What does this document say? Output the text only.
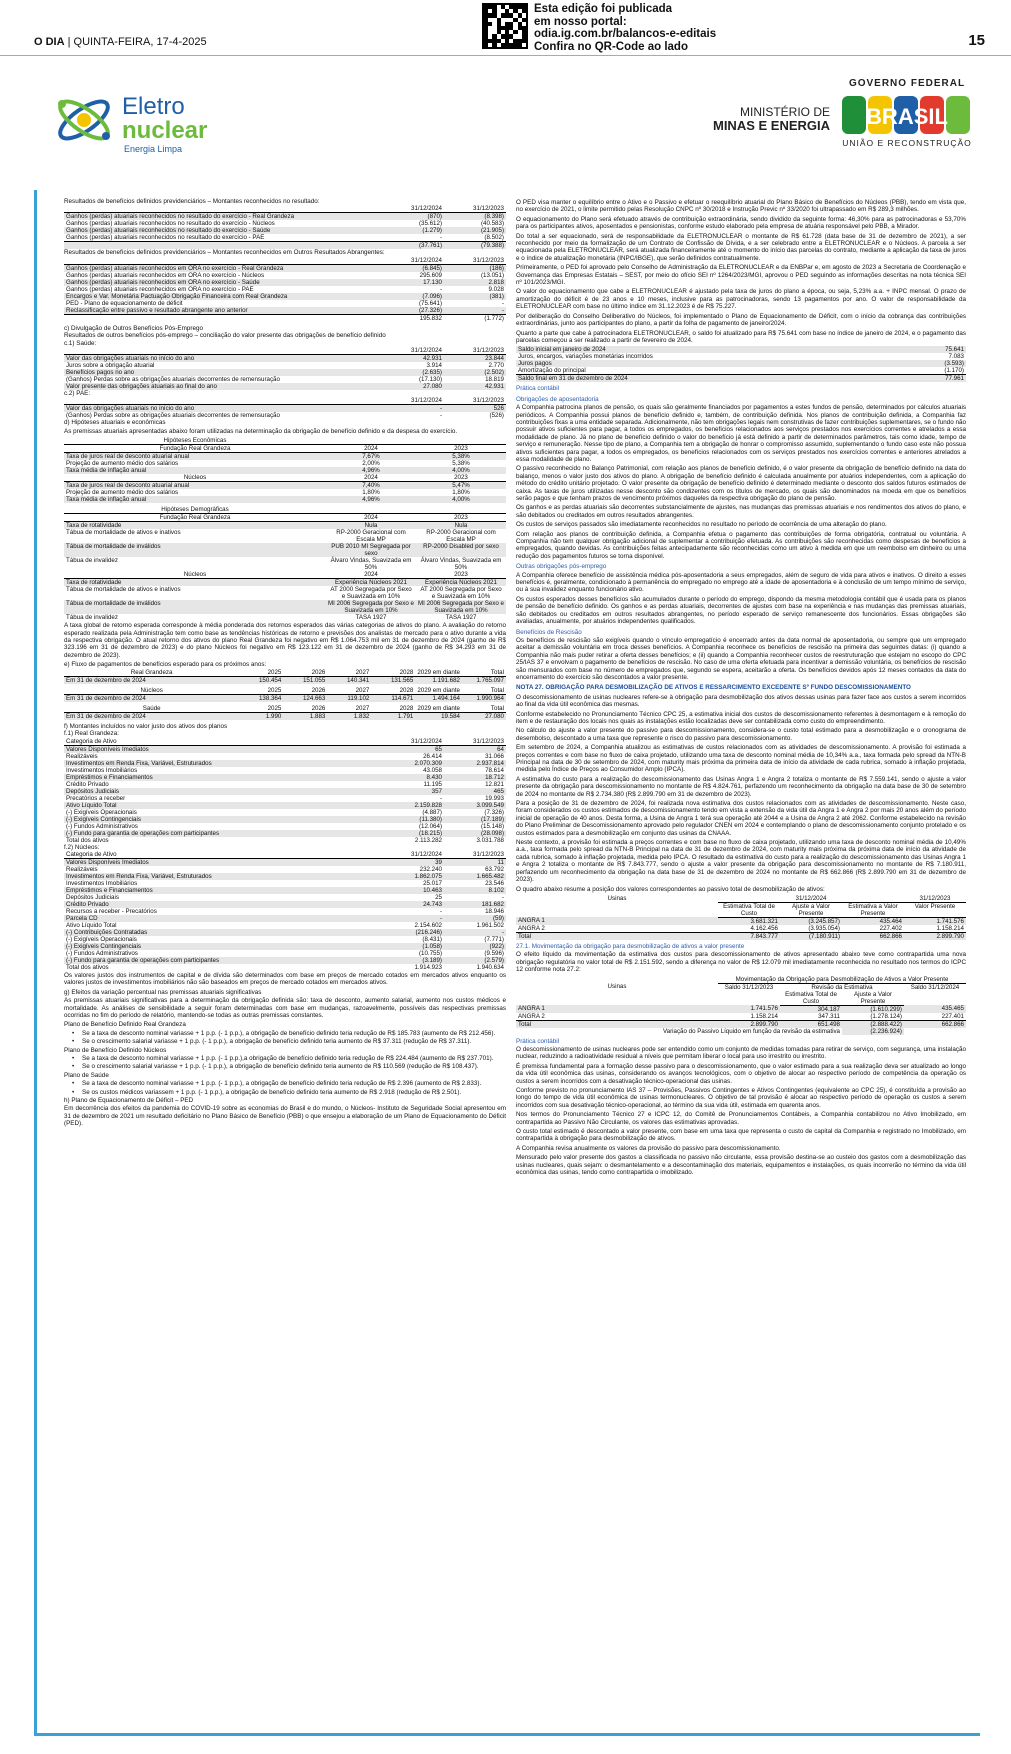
Esta edição foi publicada
em nosso portal:
odia.ig.com.br/balancos-e-editais
Confira no QR-Code ao lado
O DIA | QUINTA-FEIRA, 17-4-2025	15
Eletro
nuclear
Energia Limpa
MINISTÉRIO DE
MINAS E ENERGIA
GOVERNO FEDERAL
BRASIL
UNIÃO E RECONSTRUÇÃO
Resultados de benefícios definidos previdenciários – Montantes reconhecidos no resultado:
	31/12/2024	31/12/2023
Ganhos (perdas) atuariais reconhecidos no resultado do exercício - Real Grandeza	(870)	(8.398)
Ganhos (perdas) atuariais reconhecidos no resultado do exercício - Núcleos	(35.612)	(40.583)
Ganhos (perdas) atuariais reconhecidos no resultado do exercício - Saúde	(1.279)	(21.905)
Ganhos (perdas) atuariais reconhecidos no resultado do exercício - PAE	-	(8.502)
	(37.761)	(79.388)
Resultados de benefícios definidos previdenciários – Montantes reconhecidos em Outros Resultados Abrangentes:
	31/12/2024	31/12/2023
Ganhos (perdas) atuariais reconhecidos em ORA no exercício - Real Grandeza	(6.845)	(186)
Ganhos (perdas) atuariais reconhecidos em ORA no exercício - Núcleos	295.609	(13.051)
Ganhos (perdas) atuariais reconhecidos em ORA no exercício - Saúde	17.130	2.818
Ganhos (perdas) atuariais reconhecidos em ORA no exercício - PAE	-	9.028
Encargos e Var. Monetária Pactuação Obrigação Financeira com Real Grandeza	(7.096)	(381)
PED - Plano de equacionamento de déficit	(75.641)	-
Reclassificação entre passivo e resultado abrangente ano anterior	(27.326)	-
	195.832	(1.772)
c) Divulgação de Outros Benefícios Pós-Emprego
Resultados de outros benefícios pós-emprego – conciliação do valor presente das obrigações de benefício definido
c.1) Saúde:
	31/12/2024	31/12/2023
Valor das obrigações atuariais no início do ano	42.931	23.844
Juros sobre a obrigação atuarial	3.914	2.770
Benefícios pagos no ano	(2.635)	(2.502)
(Ganhos) Perdas sobre as obrigações atuariais decorrentes de remensuração	(17.130)	18.819
Valor presente das obrigações atuariais ao final do ano	27.080	42.931
c.2) PAE:
	31/12/2024	31/12/2023
Valor das obrigações atuariais no início do ano	-	526
(Ganhos) Perdas sobre as obrigações atuariais decorrentes de remensuração	-	(526)
d) Hipóteses atuariais e econômicas

As premissas atuariais apresentadas abaixo foram utilizadas na determinação da obrigação de benefício definido e da despesa do exercício.

Hipóteses Econômicas		
Fundação Real Grandeza	2024	2023
Taxa de juros real de desconto atuarial anual	7,67%	5,38%
Projeção de aumento médio dos salários	2,00%	5,38%
Taxa média de inflação anual	4,96%	4,00%
Núcleos	2024	2023
Taxa de juros real de desconto atuarial anual	7,40%	5,47%
Projeção de aumento médio dos salários	1,80%	1,80%
Taxa média de inflação anual	4,96%	4,00%
Hipóteses Demográficas		
Fundação Real Grandeza	2024	2023
Taxa de rotatividade	Nula	Nula
Tábua de mortalidade de ativos e inativos	RP-2000 Geracional com Escala MP	RP-2000 Geracional com Escala MP
Tábua de mortalidade de inválidos	PUB 2010 MI Segregada por sexo	RP-2000 Disabled por sexo
Tábua de invalidez	Álvaro Vindas, Suavizada em 50%	Álvaro Vindas, Suavizada em 50%
Núcleos	2024	2023
Taxa de rotatividade	Experiência Núcleos 2021	Experiência Núcleos 2021
Tábua de mortalidade de ativos e inativos	AT 2000 Segregada por Sexo e Suavizada em 10%	AT 2000 Segregada por Sexo e Suavizada em 10%
Tábua de mortalidade de inválidos	MI 2006 Segregada por Sexo e Suavizada em 10%	MI 2006 Segregada por Sexo e Suavizada em 10%
Tábua de invalidez	TASA 1927	TASA 1927

A taxa global de retorno esperada corresponde à média ponderada dos retornos esperados das várias categorias de ativos do plano. A avaliação do retorno esperado realizada pela Administração tem como base as tendências históricas de retorno e previsões dos analistas de mercado para o ativo durante a vida da respectiva obrigação. O atual retorno dos ativos do plano Real Grandeza foi negativo em R$ 1.064.753 mil em 31 de dezembro de 2024 (ganho de R$ 323.196 em 31 de dezembro de 2023) e do plano Núcleos foi negativo em R$ 123.122 em 31 de dezembro de 2024 (ganho de R$ 34.293 em 31 de dezembro de 2023).

e) Fluxo de pagamentos de benefícios esperado para os próximos anos:
Real Grandeza	2025	2026	2027	2028	2029 em diante	Total
Em 31 de dezembro de 2024	150.454	151.055	140.341	131.565	1.191.682	1.765.097
Núcleos	2025	2026	2027	2028	2029 em diante	Total
Em 31 de dezembro de 2024	138.364	124.663	119.102	114.671	1.494.164	1.990.964
Saúde	2025	2026	2027	2028	2029 em diante	Total
Em 31 de dezembro de 2024	1.990	1.883	1.832	1.791	19.584	27.080
f) Montantes incluídos no valor justo dos ativos dos planos
f.1) Real Grandeza:
Categoria de Ativo	31/12/2024	31/12/2023
Valores Disponíveis Imediatos	65	64
Realizáveis	26.414	31.066
Investimentos em Renda Fixa, Variável, Estruturados	2.070.309	2.937.814
Investimentos Imobiliários	43.058	78.614
Empréstimos e Financiamentos	8.430	18.712
Crédito Privado	11.195	12.821
Depósitos Judiciais	357	465
Precatórios a receber	-	19.993
Ativo Líquido Total	2.159.828	3.099.549
(-) Exigíveis Operacionais	(4.887)	(7.326)
(-) Exigíveis Contingenciais	(11.380)	(17.189)
(-) Fundos Administrativos	(12.064)	(15.148)
(-) Fundo para garantia de operações com participantes	(18.215)	(28.098)
Total dos ativos	2.113.282	3.031.788
f.2) Núcleos:
Categoria de Ativo	31/12/2024	31/12/2023
Valores Disponíveis Imediatos	39	11
Realizáveis	232.240	63.792
Investimentos em Renda Fixa, Variável, Estruturados	1.862.075	1.665.482
Investimentos Imobiliários	25.017	23.546
Empréstimos e Financiamentos	10.463	8.102
Depósitos Judiciais	25	-
Crédito Privado	24.743	181.682
Recursos a receber - Precatórios	-	18.946
Parcela CD	-	(59)
Ativo Líquido Total	2.154.602	1.961.502
(-) Contribuições Contratadas	(216.246)	-
(-) Exigíveis Operacionais	(8.431)	(7.771)
(-) Exigíveis Contingenciais	(1.058)	(922)
(-) Fundos Administrativos	(10.755)	(9.596)
(-) Fundo para garantia de operações com participantes	(3.189)	(2.579)
Total dos ativos	1.914.923	1.940.634

Os valores justos dos instrumentos de capital e de dívida são determinados com base em preços de mercado cotados em mercados ativos enquanto os valores justos de investimentos imobiliários não são baseados em preços de mercado cotados em mercados ativos.

g) Efeitos da variação percentual nas premissas atuariais significativas

As premissas atuariais significativas para a determinação da obrigação definida são: taxa de desconto, aumento salarial, aumento nos custos médicos e mortalidade. As análises de sensibilidade a seguir foram determinadas com base em mudanças, razoavelmente, possíveis das respectivas premissas ocorridas no fim do período de relatório, mantendo-se todas as outras premissas constantes.

Plano de Benefício Definido Real Grandeza
• Se a taxa de desconto nominal variasse + 1 p.p. (- 1 p.p.), a obrigação de benefício definido teria redução de R$ 185.783 (aumento de R$ 212.456).
• Se o crescimento salarial variasse + 1 p.p. (- 1 p.p.), a obrigação de benefício definido teria aumento de R$ 37.311 (redução de R$ 37.311).
Plano de Benefício Definido Núcleos
• Se a taxa de desconto nominal variasse + 1 p.p. (- 1 p.p.),a obrigação de benefício definido teria redução de R$ 224.484 (aumento de R$ 237.701).
• Se o crescimento salarial variasse + 1 p.p. (- 1 p.p.), a obrigação de benefício definido teria aumento de R$ 110.569 (redução de R$ 108.437).
Plano de Saúde
• Se a taxa de desconto nominal variasse + 1 p.p. (- 1 p.p.), a obrigação de benefício definido teria redução de R$ 2.396 (aumento de R$ 2.833).
• Se os custos médicos variassem + 1 p.p. (- 1 p.p.), a obrigação de benefício definido teria aumento de R$ 2.918 (redução de R$ 2.501).
h) Plano de Equacionamento de Déficit – PED

Em decorrência dos efeitos da pandemia do COVID-19 sobre as economias do Brasil e do mundo, o Núcleos- Instituto de Seguridade Social apresentou em 31 de dezembro de 2021 um resultado deficitário no Plano Básico de Benefício (PBB) o que ensejou a elaboração de um Plano de Equacionamento do Déficit (PED).

O PED visa manter o equilíbrio entre o Ativo e o Passivo e efetuar o reequilíbrio atuarial do Plano Básico de Benefícios do Núcleos (PBB), tendo em vista que, no exercício de 2021, o limite permitido pelas Resolução CNPC nº 30/2018 e Instrução Previc nº 33/2020 foi ultrapassado em R$ 289,3 milhões.

O equacionamento do Plano será efetuado através de contribuição extraordinária, sendo dividido da seguinte forma: 46,30% para as patrocinadoras e 53,70% para os participantes ativos, aposentados e pensionistas, conforme estudo elaborado pela empresa de atuária responsável pelo PBB, a Mirador.

Do total a ser equacionado, será de responsabilidade da ELETRONUCLEAR o montante de R$ 61.728 (data base de 31 de dezembro de 2021), a ser reconhecido por meio da formalização de um Contrato de Confissão de Dívida, e a ser celebrado entre a ELETRONUCLEAR e o Núcleos. A parcela a ser equacionada pela ELETRONUCLEAR, será atualizada financeiramente até o momento do início das parcelas do contrato, mediante a aplicação da taxa de juros e o índice de atualização monetária (INPC/IBGE), que serão definidos contratualmente.

Primeiramente, o PED foi aprovado pelo Conselho de Administração da ELETRONUCLEAR e da ENBPar e, em agosto de 2023 a Secretaria de Coordenação e Governança das Empresas Estatais – SEST, por meio do ofício SEI nº 1264/2023/MGI, aprovou o PED seguindo as informações descritas na nota técnica SEI nº 101/2023/MGI.

O valor do equacionamento que cabe a ELETRONUCLEAR é ajustado pela taxa de juros do plano a época, ou seja, 5,23% a.a. + INPC mensal. O prazo de amortização do déficit é de 23 anos e 10 meses, inclusive para as patrocinadoras, sendo 13 pagamentos por ano. O valor de responsabilidade da ELETRONUCLEAR com base no último índice em 31.12.2023 é de R$ 75.227.

Por deliberação do Conselho Deliberativo do Núcleos, foi implementado o Plano de Equacionamento de Déficit, com o início da cobrança das contribuições extraordinárias, junto aos participantes do plano, a partir da folha de pagamento de janeiro/2024.

Quanto a parte que cabe à patrocinadora ELETRONUCLEAR, o saldo foi atualizado para R$ 75.641 com base no índice de janeiro de 2024, e o pagamento das parcelas começou a ser realizado a partir de fevereiro de 2024.

Saldo inicial em janeiro de 2024	75.641
Juros, encargos, variações monetárias incorridos	7.083
Juros pagos	(3.593)
Amortização do principal	(1.170)
Saldo final em 31 de dezembro de 2024	77.961
Prática contábil
Obrigações de aposentadoria

A Companhia patrocina planos de pensão, os quais são geralmente financiados por pagamentos a estes fundos de pensão, determinados por cálculos atuariais periódicos. A Companhia possui planos de benefício definido e, também, de contribuição definida. Nos planos de contribuição definida, a Companhia faz contribuições fixas a uma entidade separada. Adicionalmente, não tem obrigações legais nem construtivas de fazer contribuições suplementares, se o fundo não possuir ativos suficientes para pagar, a todos os empregados, os benefícios relacionados aos serviços prestados nos exercícios correntes e atrelados a essa modalidade de plano. Já no plano de benefício definido o valor do benefício já está definido a partir de determinados parâmetros, tais como idade, tempo de serviço e remuneração. Nesse tipo de plano, a Companhia tem a obrigação de honrar o compromisso assumido, suplementando o fundo caso este não possua ativos suficientes para pagar, a todos os empregados, os benefícios relacionados com os serviços prestados nos exercícios correntes e anteriores atrelados a essa modalidade de plano.

O passivo reconhecido no Balanço Patrimonial, com relação aos planos de benefício definido, é o valor presente da obrigação de benefício definido na data do balanço, menos o valor justo dos ativos do plano. A obrigação de benefício definido é calculada anualmente por atuários independentes, com a aplicação do método do crédito unitário projetado. O valor presente da obrigação de benefício definido é determinado mediante o desconto dos saldos futuros estimados de caixa. As taxas de juros utilizadas nesse desconto são condizentes com os títulos de mercado, os quais são denominados na moeda em que os benefícios serão pagos e que tenham prazos de vencimento próximos daqueles da respectiva obrigação do plano de pensão.

Os ganhos e as perdas atuariais são decorrentes substancialmente de ajustes, nas mudanças das premissas atuariais e nos rendimentos dos ativos do plano, e são debitados ou creditados em outros resultados abrangentes.

Os custos de serviços passados são imediatamente reconhecidos no resultado no período de ocorrência de uma alteração do plano.

Com relação aos planos de contribuição definida, a Companhia efetua o pagamento das contribuições de forma obrigatória, contratual ou voluntária. A Companhia não tem qualquer obrigação adicional de suplementar a contribuição efetuada. As contribuições são reconhecidas como despesas de benefícios a empregados, quando devidas. As contribuições feitas antecipadamente são reconhecidas como um ativo à medida em que um reembolso em dinheiro ou uma redução dos pagamentos futuros se torna disponível.

Outras obrigações pós-emprego

A Companhia oferece benefício de assistência médica pós-aposentadoria a seus empregados, além de seguro de vida para ativos e inativos. O direito a esses benefícios é, geralmente, condicionado à permanência do empregado no emprego até a idade de aposentadoria e à conclusão de um tempo mínimo de serviço, ou à sua invalidez enquanto funcionário ativo.

Os custos esperados desses benefícios são acumulados durante o período do emprego, dispondo da mesma metodologia contábil que é usada para os planos de pensão de benefício definido. Os ganhos e as perdas atuariais, decorrentes de ajustes com base na experiência e nas mudanças das premissas atuariais, são debitados ou creditados em outros resultados abrangentes, no período esperado de serviço remanescente dos funcionários. Essas obrigações são avaliadas, anualmente, por atuários independentes qualificados.

Benefícios de Rescisão

Os benefícios de rescisão são exigíveis quando o vínculo empregatício é encerrado antes da data normal de aposentadoria, ou sempre que um empregado aceitar a demissão voluntária em troca desses benefícios. A Companhia reconhece os benefícios de rescisão na primeira das seguintes datas: (i) quando a Companhia não mais puder retirar a oferta desses benefícios; e (ii) quando a Companhia reconhecer custos de reestruturação que estejam no escopo do CPC 25/IAS 37 e envolvam o pagamento de benefícios de rescisão. No caso de uma oferta efetuada para incentivar a demissão voluntária, os benefícios de rescisão são mensurados com base no número de empregados que, segundo se espera, aceitarão a oferta. Os benefícios devidos após 12 meses contados da data do encerramento do exercício são descontados a valor presente.

NOTA 27. OBRIGAÇÃO PARA DESMOBILIZAÇÃO DE ATIVOS E RESSARCIMENTO EXCEDENTE Sº FUNDO DESCOMISSIONAMENTO

O descomissionamento de usinas nucleares refere-se à obrigação para desmobilização dos ativos dessas usinas para fazer face aos custos a serem incorridos ao final da vida útil econômica das mesmas.

Conforme estabelecido no Pronunciamento Técnico CPC 25, a estimativa inicial dos custos de descomissionamento referentes à desmontagem e à remoção do item e de restauração dos locais nos quais as instalações estão localizadas deve ser contabilizada como custo do empreendimento.

No cálculo do ajuste a valor presente do passivo para descomissionamento, considera-se o custo total estimado para a desmobilização e o cronograma de desembolso, descontado a uma taxa que represente o risco do passivo para descomissionamento.

Em setembro de 2024, a Companhia atualizou as estimativas de custos relacionados com as atividades de descomissionamento. A provisão foi estimada a preços correntes e com base no fluxo de caixa projetado, utilizando uma taxa de desconto nominal média de 10,34% a.a., taxa formada pelo spread da NTN-B Principal na data de 30 de setembro de 2024, com maturity mais próxima da primeira data de início da atividade de cada rubrica, somado à inflação projetada, medida pelo Índice de Preços ao Consumidor Amplo (IPCA).

A estimativa do custo para a realização do descomissionamento das Usinas Angra 1 e Angra 2 totaliza o montante de R$ 7.559.141, sendo o ajuste a valor presente da obrigação para descomissionamento no montante de R$ 4.824.761, perfazendo um reconhecimento da obrigação na data base de 30 de setembro de 2024 no montante de R$ 2.734.380 (R$ 2.899.790 em 31 de dezembro de 2023).

Para a posição de 31 de dezembro de 2024, foi realizada nova estimativa dos custos relacionados com as atividades de descomissionamento. Neste caso, foram considerados os custos estimados de descomissionamento tendo em vista a extensão da vida útil da Angra 1 e Angra 2 por mais 20 anos além do período inicial de operação de 40 anos. Desta forma, a Usina de Angra 1 terá sua operação até 2044 e a Usina de Angra 2 até 2062. Conforme estabelecido na revisão do Plano Preliminar de Descomissionamento aprovado pelo regulador CNEN em 2024 e contemplando o plano de descomissionamento conjunto protelado e os custos estimados para a desmobilização em conjunto das usinas da CNAAA.

Neste contexto, a provisão foi estimada a preços correntes e com base no fluxo de caixa projetado, utilizando uma taxa de desconto nominal média de 10,49% a.a., taxa formada pelo spread da NTN-B Principal na data de 31 de dezembro de 2024, com maturity mais próxima da próxima data de início da atividade de cada rubrica, somado à inflação projetada, medida pelo IPCA. O resultado da estimativa do custo para a realização do descomissionamento das Usinas Angra 1 e Angra 2 totaliza o montante de R$ 7.843.777, sendo o ajuste a valor presente da obrigação para descomissionamento no montante de R$ 7.180.911, perfazendo um reconhecimento da obrigação na data base de 31 de dezembro de 2024 no montante de R$ 662.866 (R$ 2.899.790 em 31 de dezembro de 2023).

O quadro abaixo resume a posição dos valores correspondentes ao passivo total de desmobilização de ativos:

Usinas	31/12/2024			31/12/2023
	Estimativa Total de Custo	Ajuste a Valor Presente	Estimativa a Valor Presente	Valor Presente
ANGRA 1	3.681.321	(3.245.857)	435.464	1.741.576
ANGRA 2	4.162.456	(3.935.054)	227.402	1.158.214
Total	7.843.777	(7.180.911)	662.866	2.899.790
27.1. Movimentação da obrigação para desmobilização de ativos a valor presente

O efeito líquido da movimentação da estimativa dos custos para descomissionamento de ativos apresentado abaixo teve como contrapartida uma nova obrigação regulatória no valor total de R$ 2.151.592, sendo a diferença no valor de R$ 12.079 mil imediatamente reconhecida no resultado nos termos do ICPC 12 conforme nota 27.2:

	Movimentação da Obrigação para Desmobilização de Ativos a Valor Presente			
Usinas	Saldo 31/12/2023	Revisão da Estimativa		Saldo 31/12/2024
		Estimativa Total de Custo	Ajuste a Valor Presente	
ANGRA 1	1.741.576	304.187	(1.610.299)	435.465
ANGRA 2	1.158.214	347.311	(1.278.124)	227.401
Total	2.899.790	651.498	(2.888.422)	662.866
Variação do Passivo Líquido em função da revisão da estimativa			(2.236.924)	
Prática contábil

O descomissionamento de usinas nucleares pode ser entendido como um conjunto de medidas tomadas para retirar de serviço, com segurança, uma instalação nuclear, reduzindo a radioatividade residual a níveis que permitam liberar o local para uso irrestrito ou irrestrito.

É premissa fundamental para a formação desse passivo para o descomissionamento, que o valor estimado para a sua realização deva ser atualizado ao longo da vida útil econômica das usinas, considerando os avanços tecnológicos, com o objetivo de alocar ao respectivo período de competência da operação os custos a serem incorridos com a desativação técnico-operacional das usinas.

Conforme previsto no pronunciamento IAS 37 – Provisões, Passivos Contingentes e Ativos Contingentes (equivalente ao CPC 25), é constituída a provisão ao longo do tempo de vida útil econômica de usinas termonucleares. O objetivo de tal provisão é alocar ao respectivo período de operação os custos a serem incorridos com sua desativação técnico-operacional, ao término da sua vida útil, estimada em quarenta anos.

Nos termos do Pronunciamento Técnico 27 e ICPC 12, do Comitê de Pronunciamentos Contábeis, a Companhia contabilizou no Ativo Imobilizado, em contrapartida ao Passivo Não Circulante, os valores das estimativas aprovadas.

O custo total estimado é descontado a valor presente, com base em uma taxa que representa o custo de capital da Companhia e registrado no Imobilizado, em contrapartida à obrigação para desmobilização de ativos.

A Companhia revisa anualmente os valores da provisão do passivo para descomissionamento.

Mensurado pelo valor presente dos gastos a classificada no passivo não circulante, essa provisão destina-se ao custeio dos gastos com a desmobilização das usinas nucleares, quais sejam: o desmantelamento e a descontaminação dos materiais, equipamentos e instalações, os quais incorrerão no término da vida útil econômica das usinas, tendo como contrapartida o imobilizado.
